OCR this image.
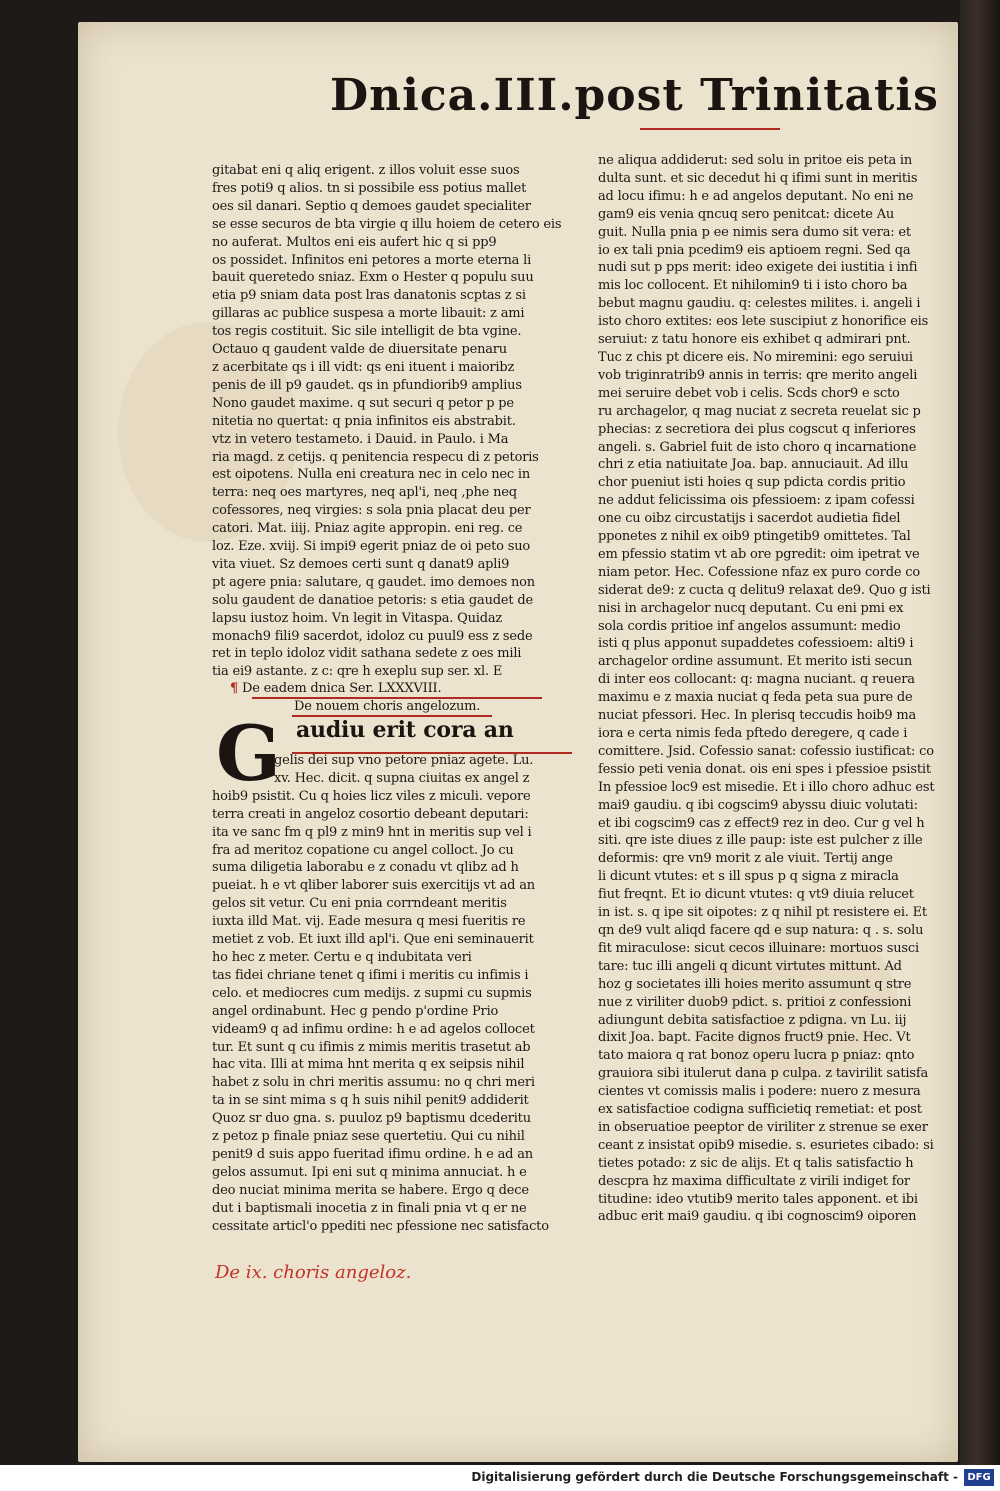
Dnica.III.post Trinitatis

gitabat eni q aliq erigent. z illos voluit esse suos

fres poti9 q alios. tn si possibile ess potius mallet

oes sil danari. Septio q demoes gaudet specialiter

se esse securos de bta virgie q illu hoiem de cetero eis

no auferat. Multos eni eis aufert hic q si pp9

os possidet. Infinitos eni petores a morte eterna li

bauit queretedo sniaz. Exm o Hester q populu suu

etia p9 sniam data post lras danatonis scptas z si

gillaras ac publice suspesa a morte libauit: z ami

tos regis costituit. Sic sile intelligit de bta vgine.

Octauo q gaudent valde de diuersitate penaru

z acerbitate qs i ill vidt: qs eni ituent i maioribz

penis de ill p9 gaudet. qs in pfundiorib9 amplius

Nono gaudet maxime. q sut securi q petor p pe

nitetia no quertat: q pnia infinitos eis abstrabit.

vtz in vetero testameto. i Dauid. in Paulo. i Ma

ria magd. z cetijs. q penitencia respecu di z petoris

est oipotens. Nulla eni creatura nec in celo nec in

terra: neq oes martyres, neq apl'i, neq ,phe neq

cofessores, neq virgies: s sola pnia placat deu per

catori. Mat. iiij. Pniaz agite appropin. eni reg. ce

loz. Eze. xviij. Si impi9 egerit pniaz de oi peto suo

vita viuet. Sz demoes certi sunt q danat9 apli9

pt agere pnia: salutare, q gaudet. imo demoes non

solu gaudent de danatioe petoris: s etia gaudet de

lapsu iustoz hoim. Vn legit in Vitaspa. Quidaz

monach9 fili9 sacerdot, idoloz cu puul9 ess z sede

ret in teplo idoloz vidit sathana sedete z oes mili

tia ei9 astante. z c: qre h exeplu sup ser. xl. E

¶ De eadem dnica Ser. LXXXVIII.

De nouem choris angelozum.

G audiu erit cora an

gelis dei sup vno petore pniaz agete. Lu.

xv. Hec. dicit. q supna ciuitas ex angel z

hoib9 psistit. Cu q hoies licz viles z miculi. vepore

terra creati in angeloz cosortio debeant deputari:

ita ve sanc fm q pl9 z min9 hnt in meritis sup vel i

fra ad meritoz copatione cu angel colloct. Jo cu

suma diligetia laborabu e z conadu vt qlibz ad h

pueiat. h e vt qliber laborer suis exercitijs vt ad an

gelos sit vetur. Cu eni pnia corrndeant meritis

iuxta illd Mat. vij. Eade mesura q mesi fueritis re

metiet z vob. Et iuxt illd apl'i. Que eni seminauerit

ho hec z meter. Certu e q indubitata veri

tas fidei chriane tenet q ifimi i meritis cu infimis i

celo. et mediocres cum medijs. z supmi cu supmis

angel ordinabunt. Hec g pendo p'ordine Prio

videam9 q ad infimu ordine: h e ad agelos collocet

tur. Et sunt q cu ifimis z mimis meritis trasetut ab

hac vita. Illi at mima hnt merita q ex seipsis nihil

habet z solu in chri meritis assumu: no q chri meri

ta in se sint mima s q h suis nihil penit9 addiderit

Quoz sr duo gna. s. puuloz p9 baptismu dcederitu

z petoz p finale pniaz sese quertetiu. Qui cu nihil

penit9 d suis appo fueritad ifimu ordine. h e ad an

gelos assumut. Ipi eni sut q minima annuciat. h e

deo nuciat minima merita se habere. Ergo q dece

dut i baptismali inocetia z in finali pnia vt q er ne

cessitate articl'o ppediti nec pfessione nec satisfacto

ne aliqua addiderut: sed solu in pritoe eis peta in

dulta sunt. et sic decedut hi q ifimi sunt in meritis

ad locu ifimu: h e ad angelos deputant. No eni ne

gam9 eis venia qncuq sero penitcat: dicete Au

guit. Nulla pnia p ee nimis sera dumo sit vera: et

io ex tali pnia pcedim9 eis aptioem regni. Sed qa

nudi sut p pps merit: ideo exigete dei iustitia i infi

mis loc collocent. Et nihilomin9 ti i isto choro ba

bebut magnu gaudiu. q: celestes milites. i. angeli i

isto choro extites: eos lete suscipiut z honorifice eis

seruiut: z tatu honore eis exhibet q admirari pnt.

Tuc z chis pt dicere eis. No miremini: ego seruiui

vob triginratrib9 annis in terris: qre merito angeli

mei seruire debet vob i celis. Scds chor9 e scto

ru archagelor, q mag nuciat z secreta reuelat sic p

phecias: z secretiora dei plus cogscut q inferiores

angeli. s. Gabriel fuit de isto choro q incarnatione

chri z etia natiuitate Joa. bap. annuciauit. Ad illu

chor pueniut isti hoies q sup pdicta cordis pritio

ne addut felicissima ois pfessioem: z ipam cofessi

one cu oibz circustatijs i sacerdot audietia fidel

pponetes z nihil ex oib9 ptingetib9 omittetes. Tal

em pfessio statim vt ab ore pgredit: oim ipetrat ve

niam petor. Hec. Cofessione nfaz ex puro corde co

siderat de9: z cucta q delitu9 relaxat de9. Quo g isti

nisi in archagelor nucq deputant. Cu eni pmi ex

sola cordis pritioe inf angelos assumunt: medio

isti q plus apponut supaddetes cofessioem: alti9 i

archagelor ordine assumunt. Et merito isti secun

di inter eos collocant: q: magna nuciant. q reuera

maximu e z maxia nuciat q feda peta sua pure de

nuciat pfessori. Hec. In plerisq teccudis hoib9 ma

iora e certa nimis feda pftedo deregere, q cade i

comittere. Jsid. Cofessio sanat: cofessio iustificat: co

fessio peti venia donat. ois eni spes i pfessioe psistit

In pfessioe loc9 est misedie. Et i illo choro adhuc est

mai9 gaudiu. q ibi cogscim9 abyssu diuic volutati:

et ibi cogscim9 cas z effect9 rez in deo. Cur g vel h

siti. qre iste diues z ille paup: iste est pulcher z ille

deformis: qre vn9 morit z ale viuit. Tertij ange

li dicunt vtutes: et s ill spus p q signa z miracla

fiut freqnt. Et io dicunt vtutes: q vt9 diuia relucet

in ist. s. q ipe sit oipotes: z q nihil pt resistere ei. Et

qn de9 vult aliqd facere qd e sup natura: q . s. solu

fit miraculose: sicut cecos illuinare: mortuos susci

tare: tuc illi angeli q dicunt virtutes mittunt. Ad

hoz g societates illi hoies merito assumunt q stre

nue z viriliter duob9 pdict. s. pritioi z confessioni

adiungunt debita satisfactioe z pdigna. vn Lu. iij

dixit Joa. bapt. Facite dignos fruct9 pnie. Hec. Vt

tato maiora q rat bonoz operu lucra p pniaz: qnto

grauiora sibi itulerut dana p culpa. z tavirilit satisfa

cientes vt comissis malis i podere: nuero z mesura

ex satisfactioe codigna sufficietiq remetiat: et post

in obseruatioe peeptor de viriliter z strenue se exer

ceant z insistat opib9 misedie. s. esurietes cibado: si

tietes potado: z sic de alijs. Et q talis satisfactio h

descpra hz maxima difficultate z virili indiget for

titudine: ideo vtutib9 merito tales apponent. et ibi

adbuc erit mai9 gaudiu. q ibi cognoscim9 oiporen

De ix. choris angeloz.
Digitalisierung gefördert durch die Deutsche Forschungsgemeinschaft - DFG
